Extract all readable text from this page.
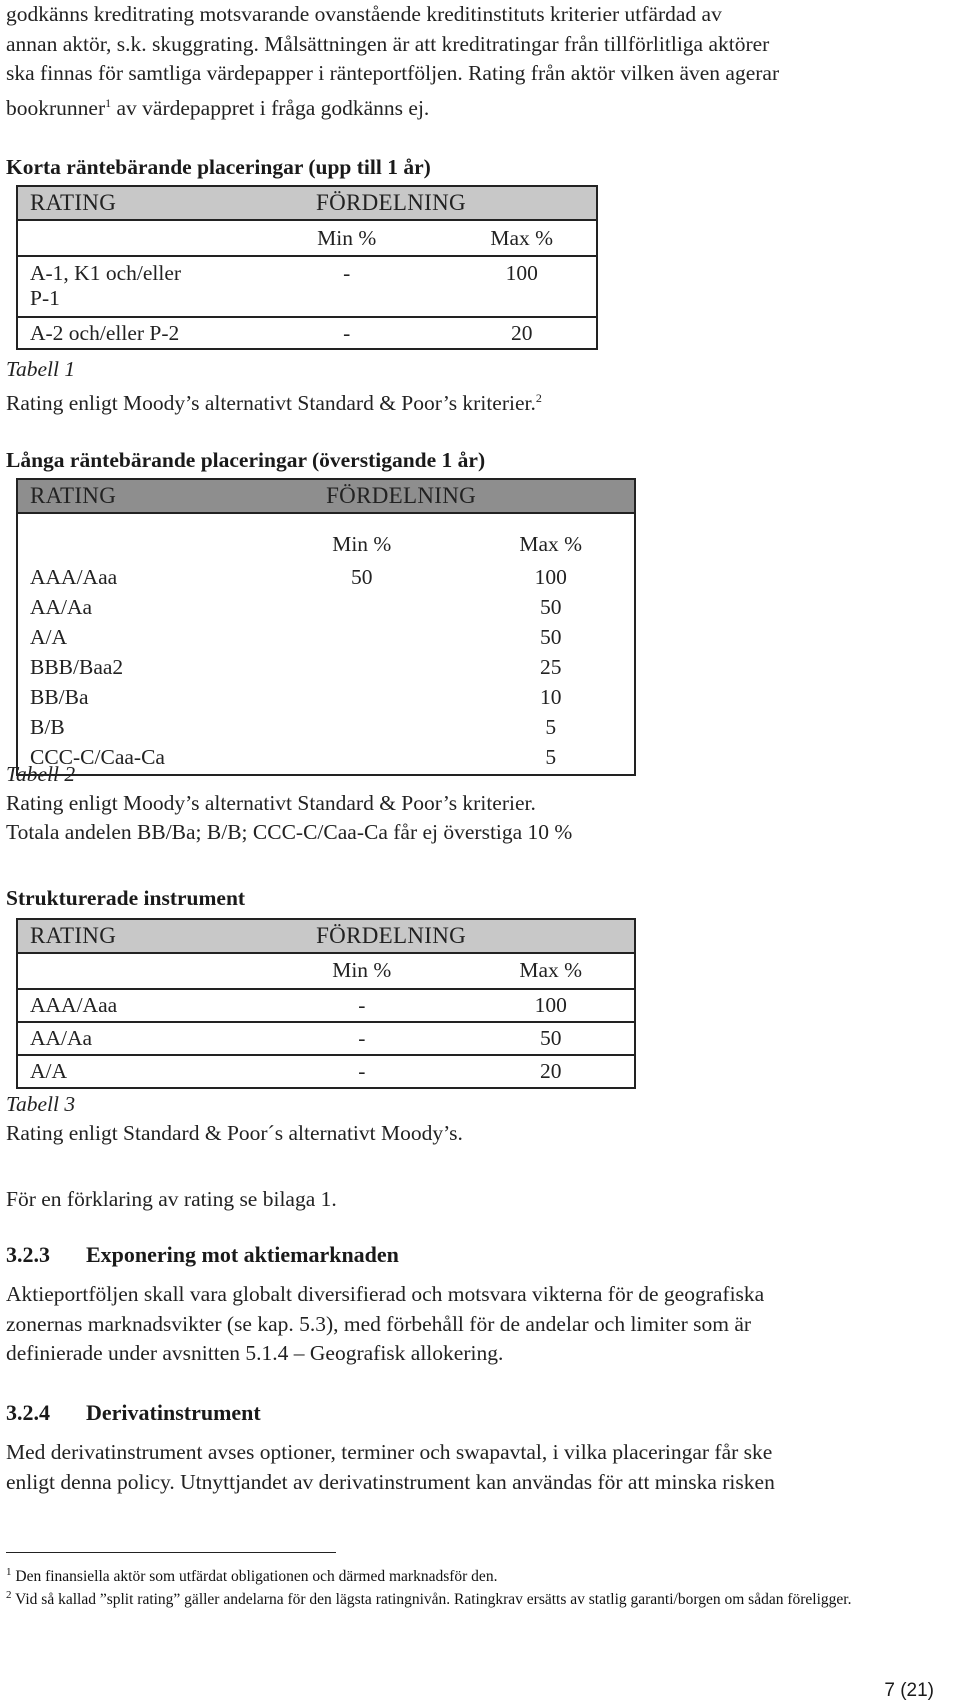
godkänns kreditrating motsvarande ovanstående kreditinstituts kriterier utfärdad av

annan aktör, s.k. skuggrating. Målsättningen är att kreditratingar från tillförlitliga aktörer

ska finnas för samtliga värdepapper i ränteportföljen. Rating från aktör vilken även agerar

bookrunner$^1$ av värdepappret i fråga godkänns ej.

Korta räntebärande placeringar (upp till 1 år)

RATING	FÖRDELNING	
	Min %	Max %

A-1, K1 och/eller
P-1	-	100
A-2 och/eller P-2	-	20
Tabell 1
Rating enligt Moody’s alternativt Standard & Poor’s kriterier.$^2$

Långa räntebärande placeringar (överstigande 1 år)

RATING	FÖRDELNING	
	Min %	Max %
AAA/Aaa	50	100
AA/Aa		50
A/A		50
BBB/Baa2		25
BB/Ba		10
B/B		5
CCC-C/Caa-Ca		5
Tabell 2
Rating enligt Moody’s alternativt Standard & Poor’s kriterier.
Totala andelen BB/Ba; B/B; CCC-C/Caa-Ca får ej överstiga 10 %

Strukturerade instrument

RATING	FÖRDELNING	
	Min %	Max %
AAA/Aaa	-	100
AA/Aa	-	50
A/A	-	20
Tabell 3
Rating enligt Standard & Poor´s alternativt Moody’s.

För en förklaring av rating se bilaga 1.

3.2.3 Exponering mot aktiemarknaden

Aktieportföljen skall vara globalt diversifierad och motsvara vikterna för de geografiska

zonernas marknadsvikter (se kap. 5.3), med förbehåll för de andelar och limiter som är

definierade under avsnitten 5.1.4 – Geografisk allokering.

3.2.4 Derivatinstrument

Med derivatinstrument avses optioner, terminer och swapavtal, i vilka placeringar får ske

enligt denna policy. Utnyttjandet av derivatinstrument kan användas för att minska risken

$^1$ Den finansiella aktör som utfärdat obligationen och därmed marknadsför den.
$^2$ Vid så kallad ”split rating” gäller andelarna för den lägsta ratingnivån. Ratingkrav ersätts av statlig garanti/borgen om sådan föreligger.
7 (21)
